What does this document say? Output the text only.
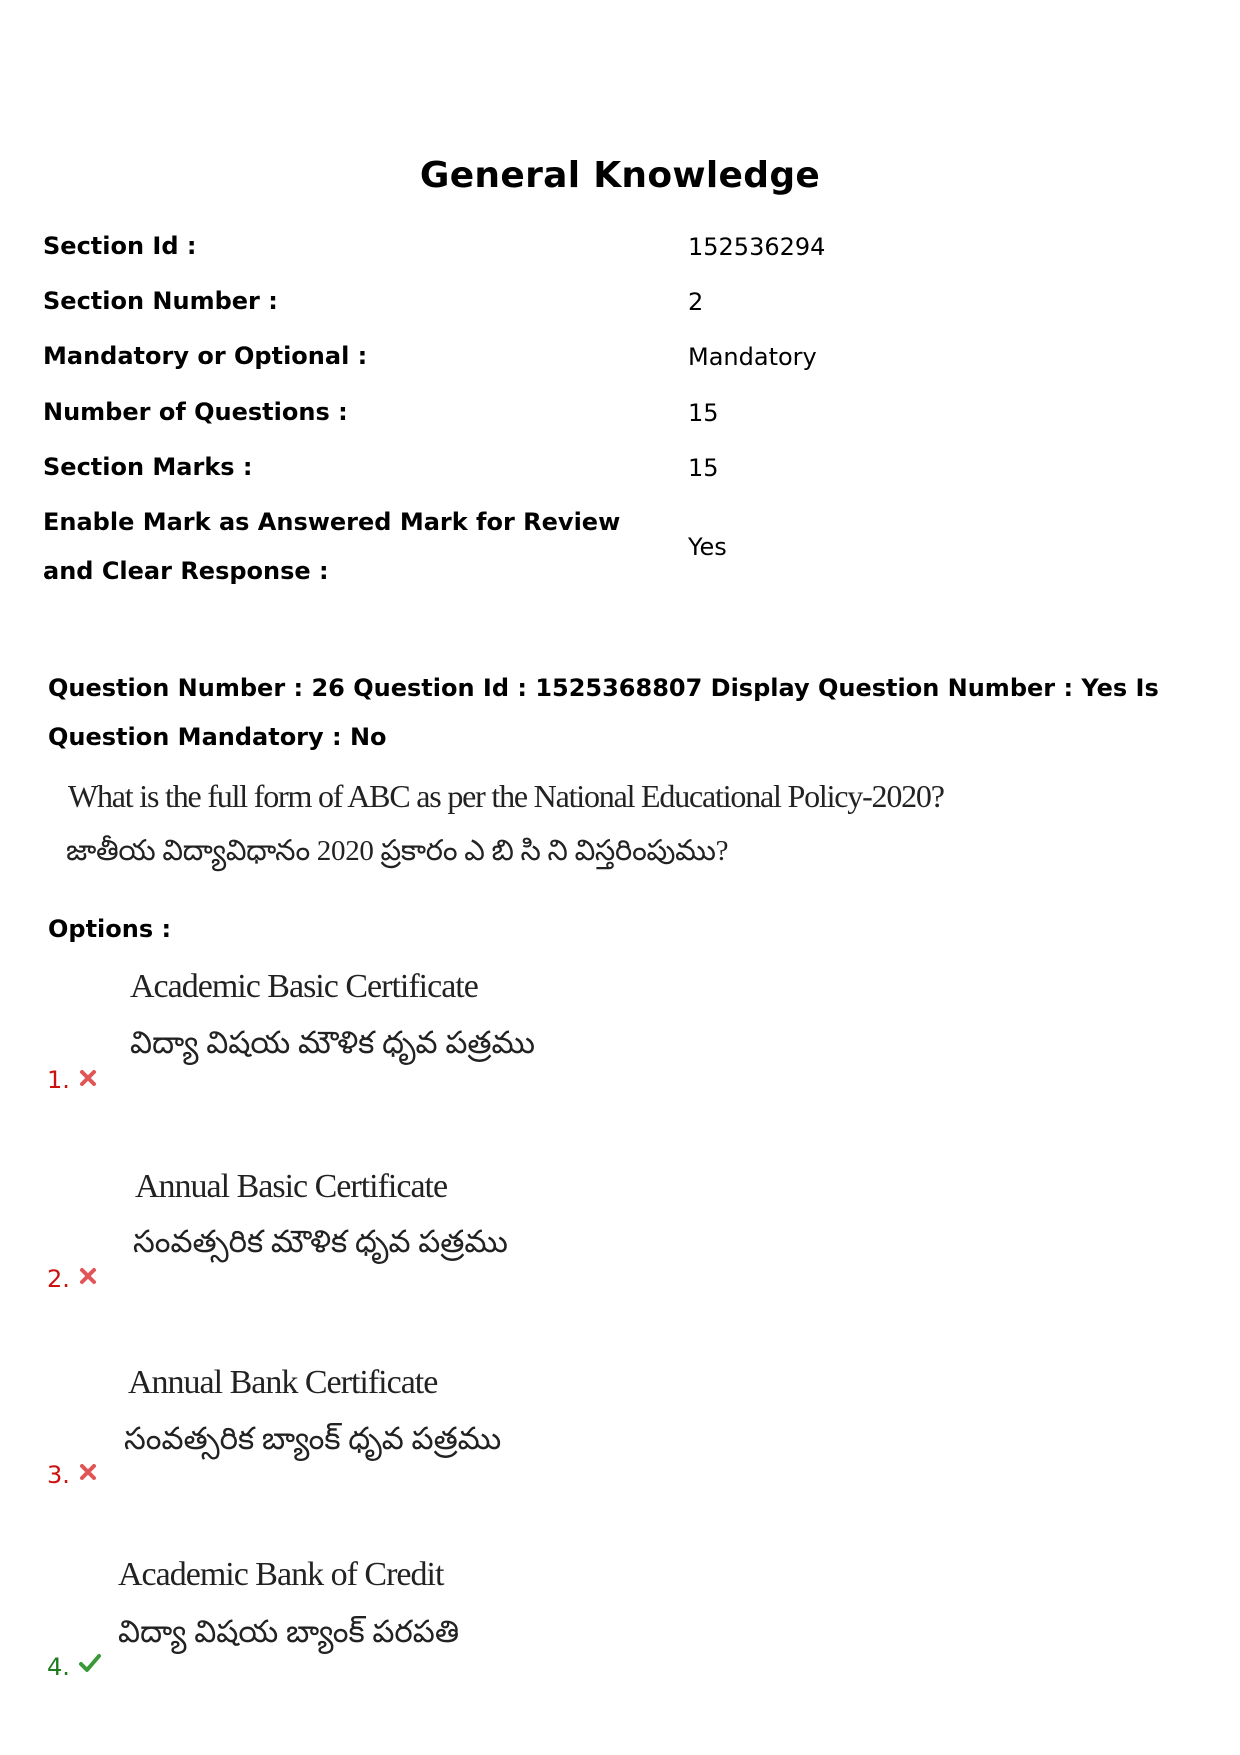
General Knowledge
Section Id :	152536294
Section Number :	2
Mandatory or Optional :	Mandatory
Number of Questions :	15
Section Marks :	15
Enable Mark as Answered Mark for Review and Clear Response :
Yes
Question Number : 26 Question Id : 1525368807 Display Question Number : Yes Is Question Mandatory : No
What is the full form of ABC as per the National Educational Policy-2020?
జాతీయ విద్యావిధానం 2020 ప్రకారం ఎ బి సి ని విస్తరింపుము?
Options :
Academic Basic Certificate
విద్యా విషయ మౌళిక ధృవ పత్రము
1.
Annual Basic Certificate
సంవత్సరిక మౌళిక ధృవ పత్రము
2.
Annual Bank Certificate
సంవత్సరిక బ్యాంక్ ధృవ పత్రము
3.
Academic Bank of Credit
విద్యా విషయ బ్యాంక్ పరపతి
4.
